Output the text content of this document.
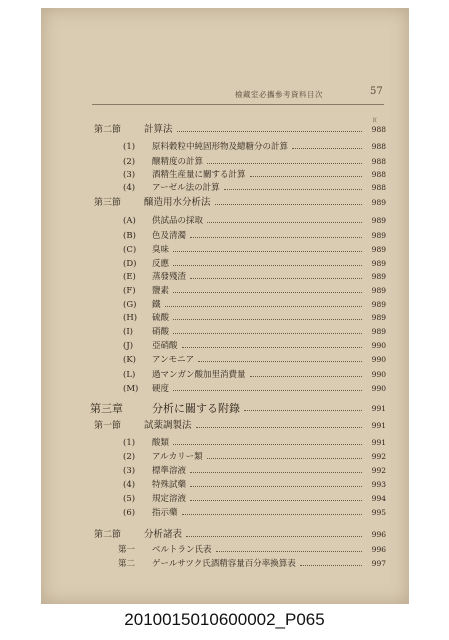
檢藏室必攜參考資料目次	57
頁
第二節 計算法	988
(1) 原料穀粒中純固形物及總糖分の計算	988
(2) 醸精度の計算	988
(3) 酒精生産量に關する計算	988
(4) アーゼル法の計算	988
第三節 醸造用水分析法	989
(A) 供試品の採取	989
(B) 色及清濁	989
(C) 臭味	989
(D) 反應	989
(E) 蒸發殘渣	989
(F) 鹽素	989
(G) 鐵	989
(H) 硫酸	989
(I) 硝酸	989
(J) 亞硝酸	990
(K) アンモニア	990
(L) 過マンガン酸加里消費量	990
(M) 硬度	990
第三章	分析に關する附錄	991
第一節 試薬調製法	991
(1) 酸類	991
(2) アルカリー類	992
(3) 標準溶液	992
(4) 特殊試藥	993
(5) 規定溶液	994
(6) 指示藥	995
第二節 分析諸表	996
第一 ベルトラン氏表	996
第二 ゲールサツク氏酒精容量百分率換算表	997
2010015010600002_P065
